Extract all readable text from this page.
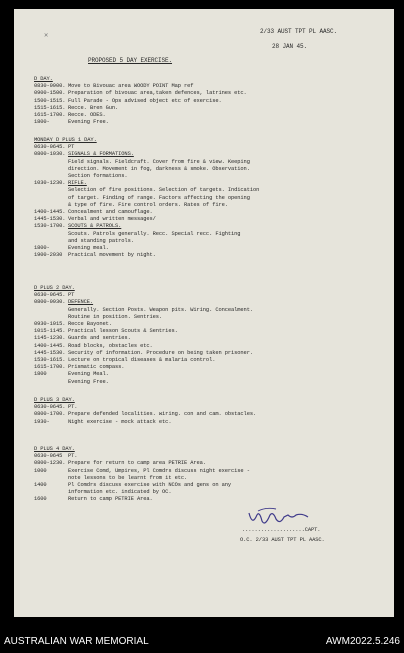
✕
2/33 AUST TPT PL AASC.
28 JAN 45.
PROPOSED 5 DAY EXERCISE.
D DAY.
0830-0900. Move to Bivouac area WOODY POINT Map ref
0900-1500. Preparation of bivouac area,taken defences, latrines etc.
1500-1515. Full Parade - Ops advised object etc of exercise.
1515-1615. Recce. Bren Gun.
1615-1700. Recce. ODES.
1800-	Evening Free.
MONDAY D PLUS 1 DAY.
0630-0645. PT
0800-1030. SIGNALS & FORMATIONS.
Field signals. Fieldcraft. Cover from fire & view. Keeping
direction. Movement in fog, darkness & smoke. Observation.
Section formations.
1030-1230. RIFLE.
Selection of fire positions. Selection of targets. Indication
of target. Finding of range. Factors affecting the opening
& type of fire. Fire control orders. Rates of fire.
1400-1445. Concealment and camouflage.
1445-1530. Verbal and written messages/
1530-1700. SCOUTS & PATROLS.
Scouts. Patrols generally. Recc. Special recc. Fighting
and standing patrols.
1800-	Evening meal.
1900-2030 Practical movement by night.
D PLUS 2 DAY.
0630-0645. PT
0800-0930. DEFENCE.
Generally. Section Posts. Weapon pits. Wiring. Concealment.
Routine in position. Sentries.
0930-1015. Recce Bayonet.
1015-1145. Practical lesson Scouts & Sentries.
1145-1230. Guards and sentries.
1400-1445. Road blocks, obstacles etc.
1445-1530. Security of information. Procedure on being taken prisoner.
1530-1615. Lecture on tropical diseases & malaria control.
1615-1700. Prismatic compass.
1800	Evening Meal.
Evening Free.
D PLUS 3 DAY.
0630-0645. PT.
0800-1700. Prepare defended localities. wiring. con and cam. obstacles.
1930-	Night exercise - mock attack etc.
D PLUS 4 DAY.
0630-0645 PT.
0800-1230. Prepare for return to camp area PETRIE Area.
1000	Exercise Comd, Umpires, Pl Comdrs discuss night exercise -
note lessons to be learnt from it etc.
1400	Pl Comdrs discuss exercise with NCOs and gens on any
information etc. indicated by OC.
1600	Return to camp PETRIE Area.
....................CAPT.
O.C. 2/33 AUST TPT PL AASC.
AUSTRALIAN WAR MEMORIAL	AWM2022.5.246
